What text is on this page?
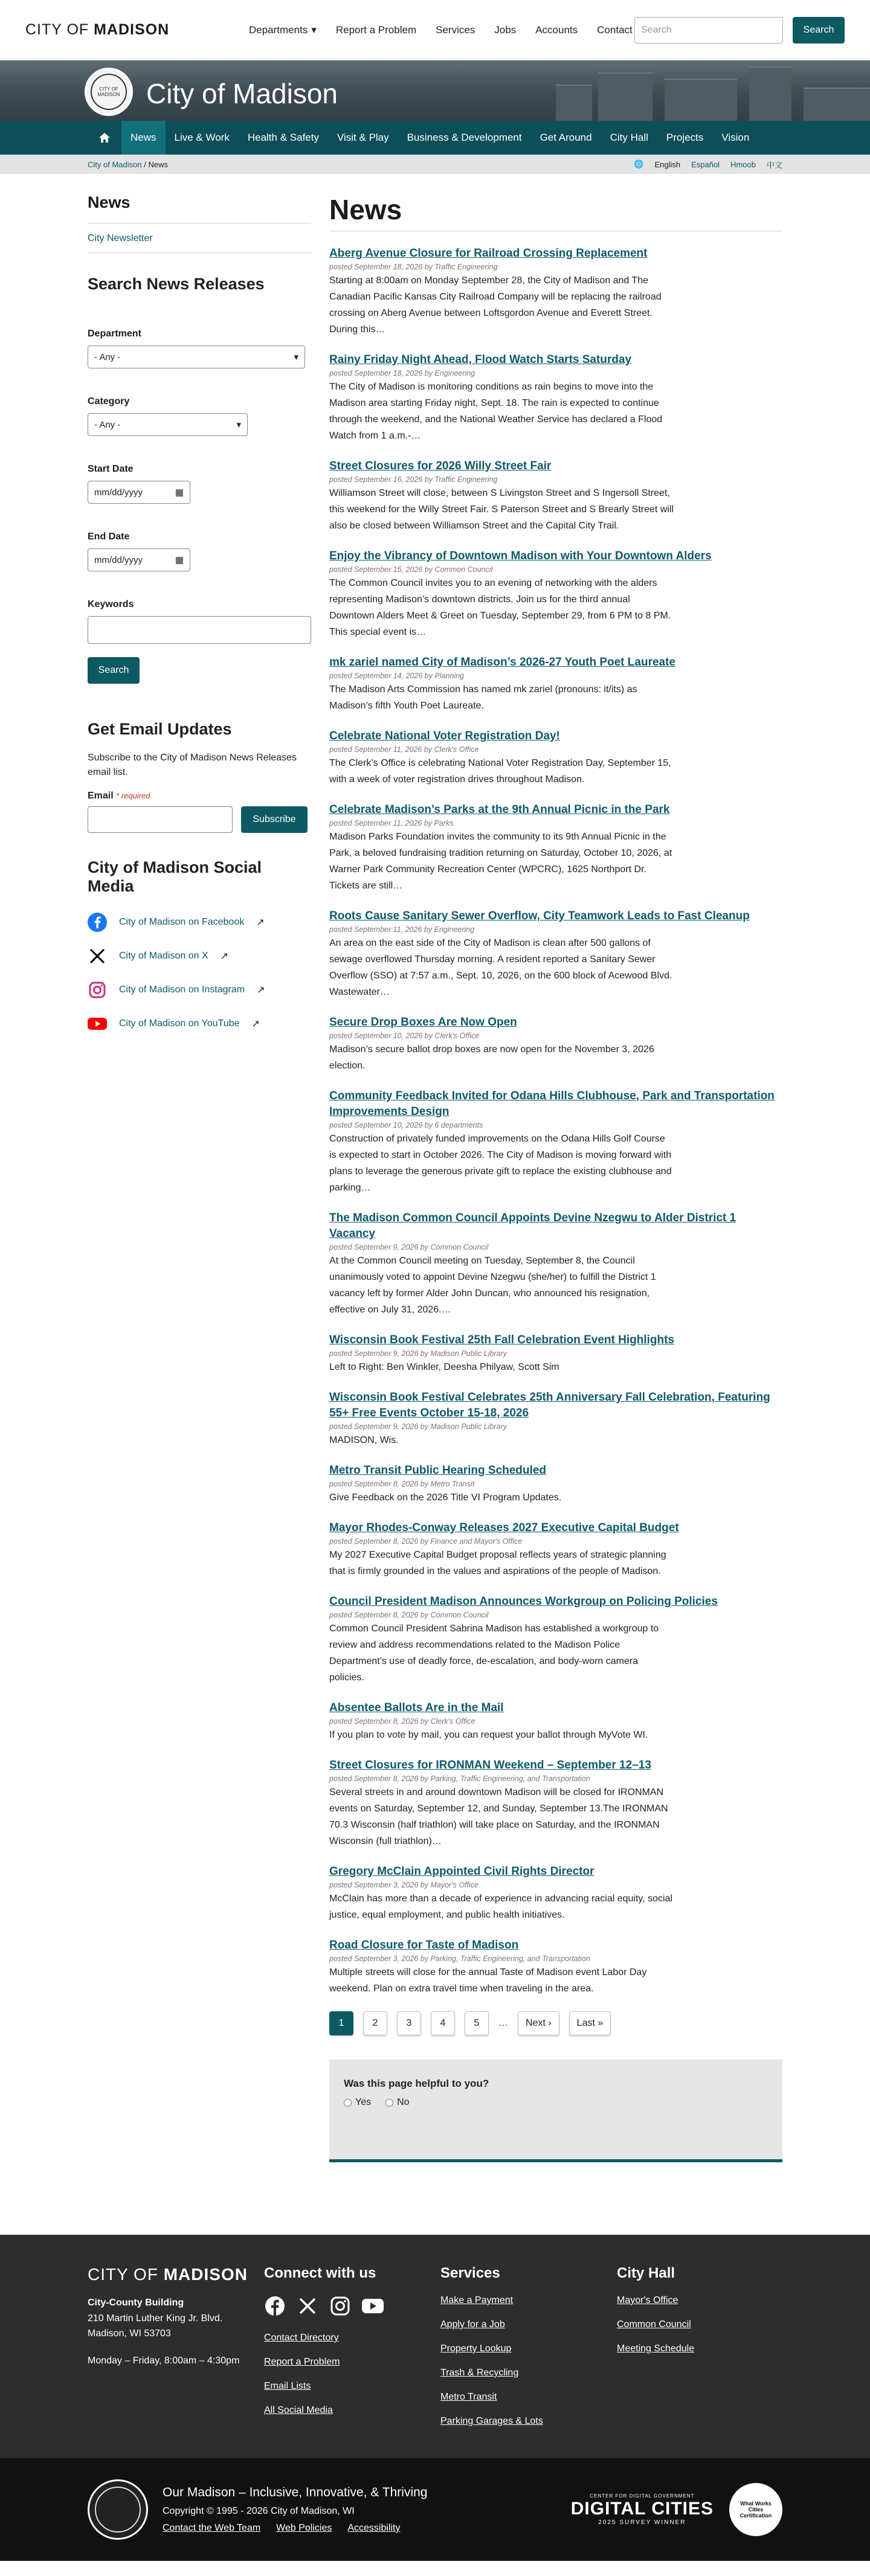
CITY OF MADISON	Departments ▾ Report a Problem Services Jobs Accounts Contact Search	Search
CITY OF MADISON City of Madison
News	Live & Work	Health & Safety	Visit & Play	Business & Development	Get Around	City Hall	Projects	Vision
City of Madison / News	🌐 English Español Hmoob 中文
News
City Newsletter
Search News Releases
Department
- Any -	▾
Category
- Any -	▾
Start Date
mm/dd/yyyy	▦
End Date
mm/dd/yyyy	▦
Keywords
Search
Get Email Updates
Subscribe to the City of Madison News Releases email list.
Email * required
Subscribe
City of Madison Social Media
City of Madison on Facebook ↗
City of Madison on X ↗
City of Madison on Instagram ↗
City of Madison on YouTube ↗
News
Aberg Avenue Closure for Railroad Crossing Replacement
posted September 18, 2026 by Traffic Engineering
Starting at 8:00am on Monday September 28, the City of Madison and The Canadian Pacific Kansas City Railroad Company will be replacing the railroad crossing on Aberg Avenue between Loftsgordon Avenue and Everett Street. During this…
Rainy Friday Night Ahead, Flood Watch Starts Saturday
posted September 18, 2026 by Engineering
The City of Madison is monitoring conditions as rain begins to move into the Madison area starting Friday night, Sept. 18. The rain is expected to continue through the weekend, and the National Weather Service has declared a Flood Watch from 1 a.m.-…
Street Closures for 2026 Willy Street Fair
posted September 16, 2026 by Traffic Engineering
Williamson Street will close, between S Livingston Street and S Ingersoll Street, this weekend for the Willy Street Fair. S Paterson Street and S Brearly Street will also be closed between Williamson Street and the Capital City Trail.
Enjoy the Vibrancy of Downtown Madison with Your Downtown Alders
posted September 15, 2026 by Common Council
The Common Council invites you to an evening of networking with the alders representing Madison’s downtown districts. Join us for the third annual Downtown Alders Meet & Greet on Tuesday, September 29, from 6 PM to 8 PM. This special event is…
mk zariel named City of Madison’s 2026-27 Youth Poet Laureate
posted September 14, 2026 by Planning
The Madison Arts Commission has named mk zariel (pronouns: it/its) as Madison’s fifth Youth Poet Laureate.
Celebrate National Voter Registration Day!
posted September 11, 2026 by Clerk's Office
The Clerk’s Office is celebrating National Voter Registration Day, September 15, with a week of voter registration drives throughout Madison.
Celebrate Madison’s Parks at the 9th Annual Picnic in the Park
posted September 11, 2026 by Parks
Madison Parks Foundation invites the community to its 9th Annual Picnic in the Park, a beloved fundraising tradition returning on Saturday, October 10, 2026, at Warner Park Community Recreation Center (WPCRC), 1625 Northport Dr. Tickets are still…
Roots Cause Sanitary Sewer Overflow, City Teamwork Leads to Fast Cleanup
posted September 11, 2026 by Engineering
An area on the east side of the City of Madison is clean after 500 gallons of sewage overflowed Thursday morning. A resident reported a Sanitary Sewer Overflow (SSO) at 7:57 a.m., Sept. 10, 2026, on the 600 block of Acewood Blvd. Wastewater…
Secure Drop Boxes Are Now Open
posted September 10, 2026 by Clerk's Office
Madison’s secure ballot drop boxes are now open for the November 3, 2026 election.
Community Feedback Invited for Odana Hills Clubhouse, Park and Transportation Improvements Design
posted September 10, 2026 by 6 departments
Construction of privately funded improvements on the Odana Hills Golf Course is expected to start in October 2026. The City of Madison is moving forward with plans to leverage the generous private gift to replace the existing clubhouse and parking…
The Madison Common Council Appoints Devine Nzegwu to Alder District 1 Vacancy
posted September 9, 2026 by Common Council
At the Common Council meeting on Tuesday, September 8, the Council unanimously voted to appoint Devine Nzegwu (she/her) to fulfill the District 1 vacancy left by former Alder John Duncan, who announced his resignation, effective on July 31, 2026.…
Wisconsin Book Festival 25th Fall Celebration Event Highlights
posted September 9, 2026 by Madison Public Library
Left to Right: Ben Winkler, Deesha Philyaw, Scott Sim
Wisconsin Book Festival Celebrates 25th Anniversary Fall Celebration, Featuring 55+ Free Events October 15-18, 2026
posted September 9, 2026 by Madison Public Library
MADISON, Wis.
Metro Transit Public Hearing Scheduled
posted September 8, 2026 by Metro Transit
Give Feedback on the 2026 Title VI Program Updates.
Mayor Rhodes-Conway Releases 2027 Executive Capital Budget
posted September 8, 2026 by Finance and Mayor's Office
My 2027 Executive Capital Budget proposal reflects years of strategic planning that is firmly grounded in the values and aspirations of the people of Madison.
Council President Madison Announces Workgroup on Policing Policies
posted September 8, 2026 by Common Council
Common Council President Sabrina Madison has established a workgroup to review and address recommendations related to the Madison Police Department’s use of deadly force, de-escalation, and body-worn camera policies.
Absentee Ballots Are in the Mail
posted September 8, 2026 by Clerk's Office
If you plan to vote by mail, you can request your ballot through MyVote WI.
Street Closures for IRONMAN Weekend – September 12–13
posted September 8, 2026 by Parking, Traffic Engineering, and Transportation
Several streets in and around downtown Madison will be closed for IRONMAN events on Saturday, September 12, and Sunday, September 13.The IRONMAN 70.3 Wisconsin (half triathlon) will take place on Saturday, and the IRONMAN Wisconsin (full triathlon)…
Gregory McClain Appointed Civil Rights Director
posted September 3, 2026 by Mayor's Office
McClain has more than a decade of experience in advancing racial equity, social justice, equal employment, and public health initiatives.
Road Closure for Taste of Madison
posted September 3, 2026 by Parking, Traffic Engineering, and Transportation
Multiple streets will close for the annual Taste of Madison event Labor Day weekend. Plan on extra travel time when traveling in the area.
1	2	3	4	5	…	Next ›	Last »
Was this page helpful to you?
Yes	No
CITY OF MADISON
City-County Building

210 Martin Luther King Jr. Blvd.

Madison, WI 53703

Monday – Friday, 8:00am – 4:30pm

Connect with us
Contact Directory
Report a Problem
Email Lists
All Social Media
Services
Make a Payment
Apply for a Job
Property Lookup
Trash & Recycling
Metro Transit
Parking Garages & Lots
City Hall
Mayor's Office
Common Council
Meeting Schedule
Our Madison – Inclusive, Innovative, & Thriving
Copyright © 1995 - 2026 City of Madison, WI
Contact the Web Team Web Policies Accessibility
CENTER FOR DIGITAL GOVERNMENT
DIGITAL CITIES
2025 SURVEY WINNER
What Works Cities Certification
